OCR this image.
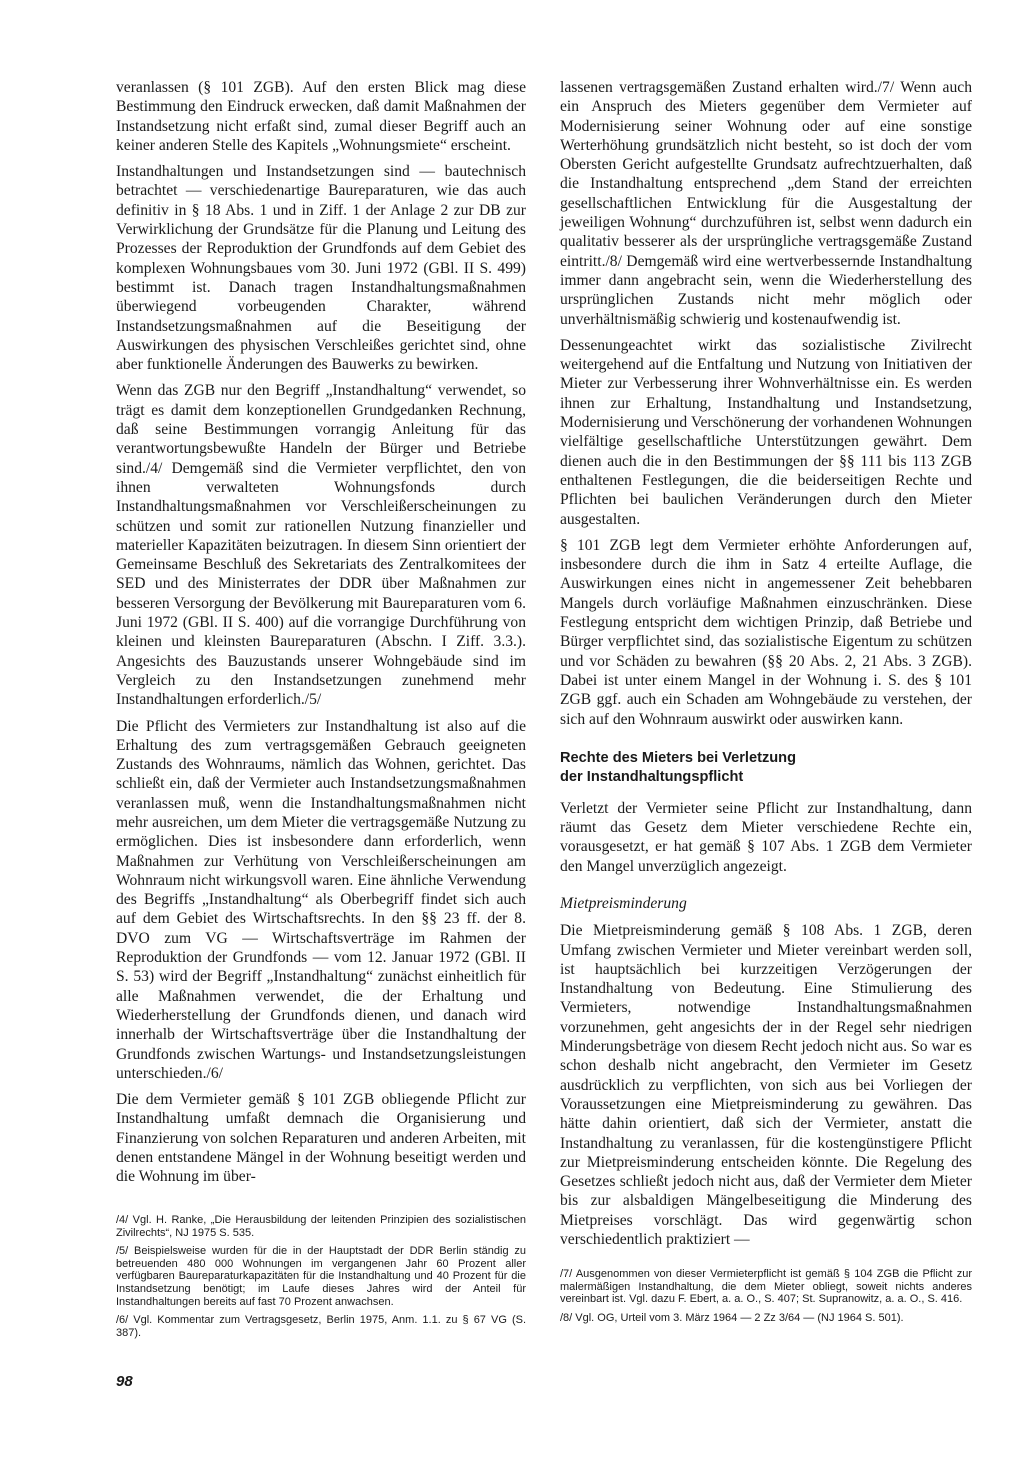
veranlassen (§ 101 ZGB). Auf den ersten Blick mag diese Bestimmung den Eindruck erwecken, daß damit Maßnahmen der Instandsetzung nicht erfaßt sind, zumal dieser Begriff auch an keiner anderen Stelle des Kapitels „Wohnungsmiete“ erscheint.

Instandhaltungen und Instandsetzungen sind — bautechnisch betrachtet — verschiedenartige Baureparaturen, wie das auch definitiv in § 18 Abs. 1 und in Ziff. 1 der Anlage 2 zur DB zur Verwirklichung der Grundsätze für die Planung und Leitung des Prozesses der Reproduktion der Grundfonds auf dem Gebiet des komplexen Wohnungsbaues vom 30. Juni 1972 (GBl. II S. 499) bestimmt ist. Danach tragen Instandhaltungsmaßnahmen überwiegend vorbeugenden Charakter, während Instandsetzungsmaßnahmen auf die Beseitigung der Auswirkungen des physischen Verschleißes gerichtet sind, ohne aber funktionelle Änderungen des Bauwerks zu bewirken.

Wenn das ZGB nur den Begriff „Instandhaltung“ verwendet, so trägt es damit dem konzeptionellen Grundgedanken Rechnung, daß seine Bestimmungen vorrangig Anleitung für das verantwortungsbewußte Handeln der Bürger und Betriebe sind./4/ Demgemäß sind die Vermieter verpflichtet, den von ihnen verwalteten Wohnungsfonds durch Instandhaltungsmaßnahmen vor Verschleißerscheinungen zu schützen und somit zur rationellen Nutzung finanzieller und materieller Kapazitäten beizutragen. In diesem Sinn orientiert der Gemeinsame Beschluß des Sekretariats des Zentralkomitees der SED und des Ministerrates der DDR über Maßnahmen zur besseren Versorgung der Bevölkerung mit Baureparaturen vom 6. Juni 1972 (GBl. II S. 400) auf die vorrangige Durchführung von kleinen und kleinsten Baureparaturen (Abschn. I Ziff. 3.3.). Angesichts des Bauzustands unserer Wohngebäude sind im Vergleich zu den Instandsetzungen zunehmend mehr Instandhaltungen erforderlich./5/

Die Pflicht des Vermieters zur Instandhaltung ist also auf die Erhaltung des zum vertragsgemäßen Gebrauch geeigneten Zustands des Wohnraums, nämlich das Wohnen, gerichtet. Das schließt ein, daß der Vermieter auch Instandsetzungsmaßnahmen veranlassen muß, wenn die Instandhaltungsmaßnahmen nicht mehr ausreichen, um dem Mieter die vertragsgemäße Nutzung zu ermöglichen. Dies ist insbesondere dann erforderlich, wenn Maßnahmen zur Verhütung von Verschleißerscheinungen am Wohnraum nicht wirkungsvoll waren. Eine ähnliche Verwendung des Begriffs „Instandhaltung“ als Oberbegriff findet sich auch auf dem Gebiet des Wirtschaftsrechts. In den §§ 23 ff. der 8. DVO zum VG — Wirtschaftsverträge im Rahmen der Reproduktion der Grundfonds — vom 12. Januar 1972 (GBl. II S. 53) wird der Begriff „Instandhaltung“ zunächst einheitlich für alle Maßnahmen verwendet, die der Erhaltung und Wiederherstellung der Grundfonds dienen, und danach wird innerhalb der Wirtschaftsverträge über die Instandhaltung der Grundfonds zwischen Wartungs- und Instandsetzungsleistungen unterschieden./6/

Die dem Vermieter gemäß § 101 ZGB obliegende Pflicht zur Instandhaltung umfaßt demnach die Organisierung und Finanzierung von solchen Reparaturen und anderen Arbeiten, mit denen entstandene Mängel in der Wohnung beseitigt werden und die Wohnung im über-

/4/ Vgl. H. Ranke, „Die Herausbildung der leitenden Prinzipien des sozialistischen Zivilrechts“, NJ 1975 S. 535.

/5/ Beispielsweise wurden für die in der Hauptstadt der DDR Berlin ständig zu betreuenden 480 000 Wohnungen im vergangenen Jahr 60 Prozent aller verfügbaren Baureparaturkapazitäten für die Instandhaltung und 40 Prozent für die Instandsetzung benötigt; im Laufe dieses Jahres wird der Anteil für Instandhaltungen bereits auf fast 70 Prozent anwachsen.

/6/ Vgl. Kommentar zum Vertragsgesetz, Berlin 1975, Anm. 1.1. zu § 67 VG (S. 387).

lassenen vertragsgemäßen Zustand erhalten wird./7/ Wenn auch ein Anspruch des Mieters gegenüber dem Vermieter auf Modernisierung seiner Wohnung oder auf eine sonstige Werterhöhung grundsätzlich nicht besteht, so ist doch der vom Obersten Gericht aufgestellte Grundsatz aufrechtzuerhalten, daß die Instandhaltung entsprechend „dem Stand der erreichten gesellschaftlichen Entwicklung für die Ausgestaltung der jeweiligen Wohnung“ durchzuführen ist, selbst wenn dadurch ein qualitativ besserer als der ursprüngliche vertragsgemäße Zustand eintritt./8/ Demgemäß wird eine wertverbessernde Instandhaltung immer dann angebracht sein, wenn die Wiederherstellung des ursprünglichen Zustands nicht mehr möglich oder unverhältnismäßig schwierig und kostenaufwendig ist.

Dessenungeachtet wirkt das sozialistische Zivilrecht weitergehend auf die Entfaltung und Nutzung von Initiativen der Mieter zur Verbesserung ihrer Wohnverhältnisse ein. Es werden ihnen zur Erhaltung, Instandhaltung und Instandsetzung, Modernisierung und Verschönerung der vorhandenen Wohnungen vielfältige gesellschaftliche Unterstützungen gewährt. Dem dienen auch die in den Bestimmungen der §§ 111 bis 113 ZGB enthaltenen Festlegungen, die die beiderseitigen Rechte und Pflichten bei baulichen Veränderungen durch den Mieter ausgestalten.

§ 101 ZGB legt dem Vermieter erhöhte Anforderungen auf, insbesondere durch die ihm in Satz 4 erteilte Auflage, die Auswirkungen eines nicht in angemessener Zeit behebbaren Mangels durch vorläufige Maßnahmen einzuschränken. Diese Festlegung entspricht dem wichtigen Prinzip, daß Betriebe und Bürger verpflichtet sind, das sozialistische Eigentum zu schützen und vor Schäden zu bewahren (§§ 20 Abs. 2, 21 Abs. 3 ZGB). Dabei ist unter einem Mangel in der Wohnung i. S. des § 101 ZGB ggf. auch ein Schaden am Wohngebäude zu verstehen, der sich auf den Wohnraum auswirkt oder auswirken kann.

Rechte des Mieters bei Verletzung
der Instandhaltungspflicht

Verletzt der Vermieter seine Pflicht zur Instandhaltung, dann räumt das Gesetz dem Mieter verschiedene Rechte ein, vorausgesetzt, er hat gemäß § 107 Abs. 1 ZGB dem Vermieter den Mangel unverzüglich angezeigt.

Mietpreisminderung

Die Mietpreisminderung gemäß § 108 Abs. 1 ZGB, deren Umfang zwischen Vermieter und Mieter vereinbart werden soll, ist hauptsächlich bei kurzzeitigen Verzögerungen der Instandhaltung von Bedeutung. Eine Stimulierung des Vermieters, notwendige Instandhaltungsmaßnahmen vorzunehmen, geht angesichts der in der Regel sehr niedrigen Minderungsbeträge von diesem Recht jedoch nicht aus. So war es schon deshalb nicht angebracht, den Vermieter im Gesetz ausdrücklich zu verpflichten, von sich aus bei Vorliegen der Voraussetzungen eine Mietpreisminderung zu gewähren. Das hätte dahin orientiert, daß sich der Vermieter, anstatt die Instandhaltung zu veranlassen, für die kostengünstigere Pflicht zur Mietpreisminderung entscheiden könnte. Die Regelung des Gesetzes schließt jedoch nicht aus, daß der Vermieter dem Mieter bis zur alsbaldigen Mängelbeseitigung die Minderung des Mietpreises vorschlägt. Das wird gegenwärtig schon verschiedentlich praktiziert —

/7/ Ausgenommen von dieser Vermieterpflicht ist gemäß § 104 ZGB die Pflicht zur malermäßigen Instandhaltung, die dem Mieter obliegt, soweit nichts anderes vereinbart ist. Vgl. dazu F. Ebert, a. a. O., S. 407; St. Supranowitz, a. a. O., S. 416.

/8/ Vgl. OG, Urteil vom 3. März 1964 — 2 Zz 3/64 — (NJ 1964 S. 501).

98
